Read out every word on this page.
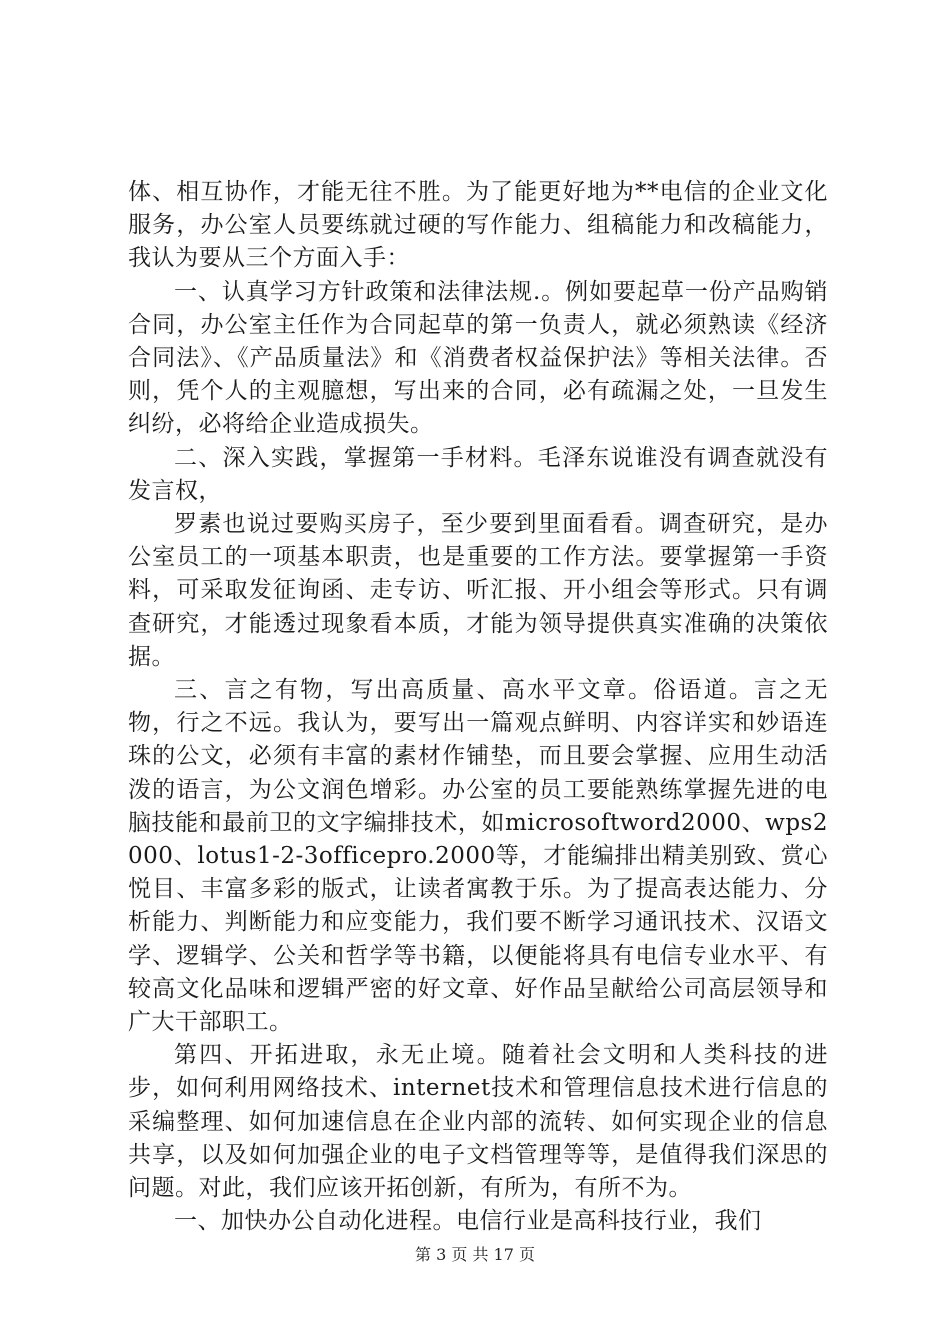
体、相互协作，才能无往不胜。为了能更好地为**电信的企业文化服务，办公室人员要练就过硬的写作能力、组稿能力和改稿能力，我认为要从三个方面入手：

一、认真学习方针政策和法律法规.。例如要起草一份产品购销合同，办公室主任作为合同起草的第一负责人，就必须熟读《经济合同法》、《产品质量法》和《消费者权益保护法》等相关法律。否则，凭个人的主观臆想，写出来的合同，必有疏漏之处，一旦发生纠纷，必将给企业造成损失。

二、深入实践，掌握第一手材料。毛泽东说谁没有调查就没有发言权，

罗素也说过要购买房子，至少要到里面看看。调查研究，是办公室员工的一项基本职责，也是重要的工作方法。要掌握第一手资料，可采取发征询函、走专访、听汇报、开小组会等形式。只有调查研究，才能透过现象看本质，才能为领导提供真实准确的决策依据。

三、言之有物，写出高质量、高水平文章。俗语道。言之无物，行之不远。我认为，要写出一篇观点鲜明、内容详实和妙语连珠的公文，必须有丰富的素材作铺垫，而且要会掌握、应用生动活泼的语言，为公文润色增彩。办公室的员工要能熟练掌握先进的电脑技能和最前卫的文字编排技术，如microsoftword2000、wps2000、lotus1-2-3officepro.2000等，才能编排出精美别致、赏心悦目、丰富多彩的版式，让读者寓教于乐。为了提高表达能力、分析能力、判断能力和应变能力，我们要不断学习通讯技术、汉语文学、逻辑学、公关和哲学等书籍，以便能将具有电信专业水平、有较高文化品味和逻辑严密的好文章、好作品呈献给公司高层领导和广大干部职工。

第四、开拓进取，永无止境。随着社会文明和人类科技的进步，如何利用网络技术、internet技术和管理信息技术进行信息的采编整理、如何加速信息在企业内部的流转、如何实现企业的信息共享，以及如何加强企业的电子文档管理等等，是值得我们深思的问题。对此，我们应该开拓创新，有所为，有所不为。

一、加快办公自动化进程。电信行业是高科技行业，我们

第 3 页 共 17 页
